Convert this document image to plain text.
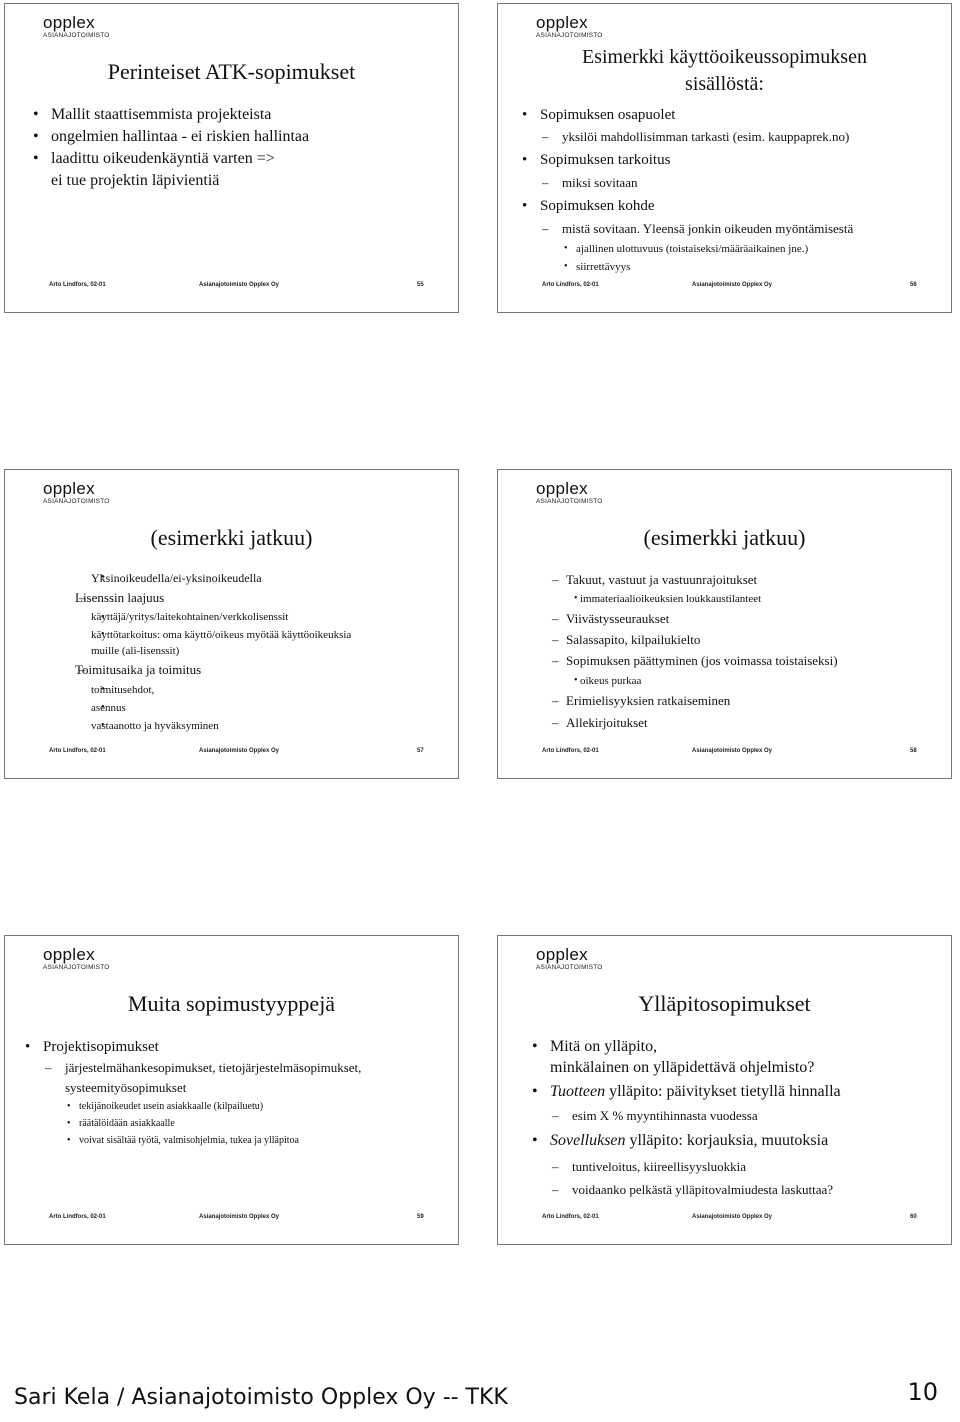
opplex
ASIANAJOTOIMISTO
Perinteiset ATK-sopimukset
• Mallit staattisemmista projekteista
• ongelmien hallintaa - ei riskien hallintaa
• laadittu oikeudenkäyntiä varten =>
ei tue projektin läpivientiä
Arto Lindfors, 02-01	Asianajotoimisto Opplex Oy	55
opplex
ASIANAJOTOIMISTO
Esimerkki käyttöoikeussopimuksen
sisällöstä:
• Sopimuksen osapuolet
– yksilöi mahdollisimman tarkasti (esim. kauppaprek.no)
• Sopimuksen tarkoitus
– miksi sovitaan
• Sopimuksen kohde
– mistä sovitaan. Yleensä jonkin oikeuden myöntämisestä
• ajallinen ulottuvuus (toistaiseksi/määräaikainen jne.)
• siirrettävyys
Arto Lindfors, 02-01	Asianajotoimisto Opplex Oy	56
opplex
ASIANAJOTOIMISTO
(esimerkki jatkuu)
• Yksinoikeudella/ei-yksinoikeudella
– Lisenssin laajuus
• käyttäjä/yritys/laitekohtainen/verkkolisenssit
• käyttötarkoitus: oma käyttö/oikeus myötää käyttöoikeuksia
muille (ali-lisenssit)
– Toimitusaika ja toimitus
• toimitusehdot,
• asennus
• vastaanotto ja hyväksyminen
Arto Lindfors, 02-01	Asianajotoimisto Opplex Oy	57
opplex
ASIANAJOTOIMISTO
(esimerkki jatkuu)
– Takuut, vastuut ja vastuunrajoitukset
• immateriaalioikeuksien loukkaustilanteet
– Viivästysseuraukset
– Salassapito, kilpailukielto
– Sopimuksen päättyminen (jos voimassa toistaiseksi)
• oikeus purkaa
– Erimielisyyksien ratkaiseminen
– Allekirjoitukset
Arto Lindfors, 02-01	Asianajotoimisto Opplex Oy	58
opplex
ASIANAJOTOIMISTO
Muita sopimustyyppejä
• Projektisopimukset
– järjestelmähankesopimukset, tietojärjestelmäsopimukset,
systeemityösopimukset
• tekijänoikeudet usein asiakkaalle (kilpailuetu)
• räätälöidään asiakkaalle
• voivat sisältää työtä, valmisohjelmia, tukea ja ylläpitoa
Arto Lindfors, 02-01	Asianajotoimisto Opplex Oy	59
opplex
ASIANAJOTOIMISTO
Ylläpitosopimukset
• Mitä on ylläpito,
minkälainen on ylläpidettävä ohjelmisto?
• Tuotteen ylläpito: päivitykset tietyllä hinnalla
– esim X % myyntihinnasta vuodessa
• Sovelluksen ylläpito: korjauksia, muutoksia
– tuntiveloitus, kiireellisyysluokkia
– voidaanko pelkästä ylläpitovalmiudesta laskuttaa?
Arto Lindfors, 02-01	Asianajotoimisto Opplex Oy	60
Sari Kela / Asianajotoimisto Opplex Oy -- TKK	10
